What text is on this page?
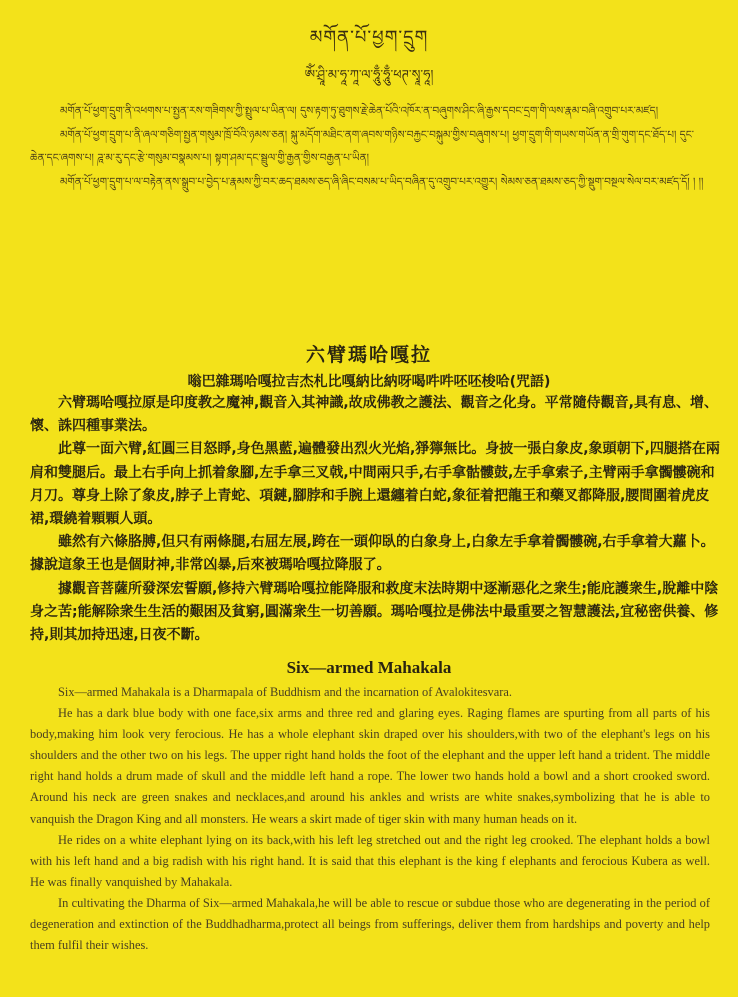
མགོན་པོ་ཕྱག་དྲུག
ཨོཾ་ཤྲཱི་མ་ཧཱ་ཀཱ་ལ་ཧཱུྃ་ཧཱུྃ་ཕཊ་སྭཱ་ཧཱ།

མགོན་པོ་ཕྱག་དྲུག་ནི་འཕགས་པ་སྤྱན་རས་གཟིགས་ཀྱི་སྤྲུལ་པ་ཡིན་ལ། དུས་རྟག་ཏུ་ཐུགས་རྗེ་ཆེན་པོའི་འཁོར་ན་བཞུགས་ཤིང་ཞི་རྒྱས་དབང་དྲག་གི་ལས་རྣམ་བཞི་འགྲུབ་པར་མཛད།

མགོན་པོ་ཕྱག་དྲུག་པ་ནི་ཞལ་གཅིག་སྤྱན་གསུམ་ཁྲོ་བོའི་ཉམས་ཅན། སྐུ་མདོག་མཐིང་ནག་ཞབས་གཉིས་བརྐྱང་བསྐུམ་གྱིས་བཞུགས་པ། ཕྱག་དྲུག་གི་གཡས་གཡོན་ན་གྲི་གུག་དང་ཐོད་པ། དུང་ཆེན་དང་ཞགས་པ། ཌཱ་མ་རུ་དང་རྩེ་གསུམ་བསྣམས་པ། སྟག་ཤམ་དང་སྦྲུལ་གྱི་རྒྱན་གྱིས་བརྒྱན་པ་ཡིན།

མགོན་པོ་ཕྱག་དྲུག་པ་ལ་བརྟེན་ནས་སྒྲུབ་པ་བྱེད་པ་རྣམས་ཀྱི་བར་ཆད་ཐམས་ཅད་ཞི་ཞིང་བསམ་པ་ཡིད་བཞིན་དུ་འགྲུབ་པར་འགྱུར། སེམས་ཅན་ཐམས་ཅད་ཀྱི་སྡུག་བསྔལ་སེལ་བར་མཛད་དོ། ། །།

六臂瑪哈嘎拉
嗡巴雜瑪哈嘎拉吉杰札比嘎納比納呀喝吽吽呸呸梭哈(咒語)

六臂瑪哈嘎拉原是印度教之魔神,觀音入其神識,故成佛教之護法、觀音之化身。平常隨侍觀音,具有息、增、懷、誅四種事業法。

此尊一面六臂,紅圓三目怒睜,身色黑藍,遍體發出烈火光焰,猙獰無比。身披一張白象皮,象頭朝下,四腿搭在兩肩和雙腿后。最上右手向上抓着象腳,左手拿三叉戟,中間兩只手,右手拿骷髏鼓,左手拿索子,主臂兩手拿髑髏碗和月刀。尊身上除了象皮,脖子上青蛇、項鏈,腳脖和手腕上還纏着白蛇,象征着把龍王和藥叉都降服,腰間圍着虎皮裙,環繞着顆顆人頭。

雖然有六條胳膊,但只有兩條腿,右屈左展,跨在一頭仰臥的白象身上,白象左手拿着髑髏碗,右手拿着大蘿卜。據說這象王也是個財神,非常凶暴,后來被瑪哈嘎拉降服了。

據觀音菩薩所發深宏誓願,修持六臂瑪哈嘎拉能降服和救度末法時期中逐漸惡化之衆生;能庇護衆生,脫離中陰身之苦;能解除衆生生活的艱困及貧窮,圓滿衆生一切善願。瑪哈嘎拉是佛法中最重要之智慧護法,宜秘密供養、修持,則其加持迅速,日夜不斷。

Six—armed Mahakala

Six—armed Mahakala is a Dharmapala of Buddhism and the incarnation of Avalokitesvara.

He has a dark blue body with one face,six arms and three red and glaring eyes. Raging flames are spurting from all parts of his body,making him look very ferocious. He has a whole elephant skin draped over his shoulders,with two of the elephant's legs on his shoulders and the other two on his legs. The upper right hand holds the foot of the elephant and the upper left hand a trident. The middle right hand holds a drum made of skull and the middle left hand a rope. The lower two hands hold a bowl and a short crooked sword. Around his neck are green snakes and necklaces,and around his ankles and wrists are white snakes,symbolizing that he is able to vanquish the Dragon King and all monsters. He wears a skirt made of tiger skin with many human heads on it.

He rides on a white elephant lying on its back,with his left leg stretched out and the right leg crooked. The elephant holds a bowl with his left hand and a big radish with his right hand. It is said that this elephant is the king f elephants and ferocious Kubera as well. He was finally vanquished by Mahakala.

In cultivating the Dharma of Six—armed Mahakala,he will be able to rescue or subdue those who are degenerating in the period of degeneration and extinction of the Buddhadharma,protect all beings from sufferings, deliver them from hardships and poverty and help them fulfil their wishes.
